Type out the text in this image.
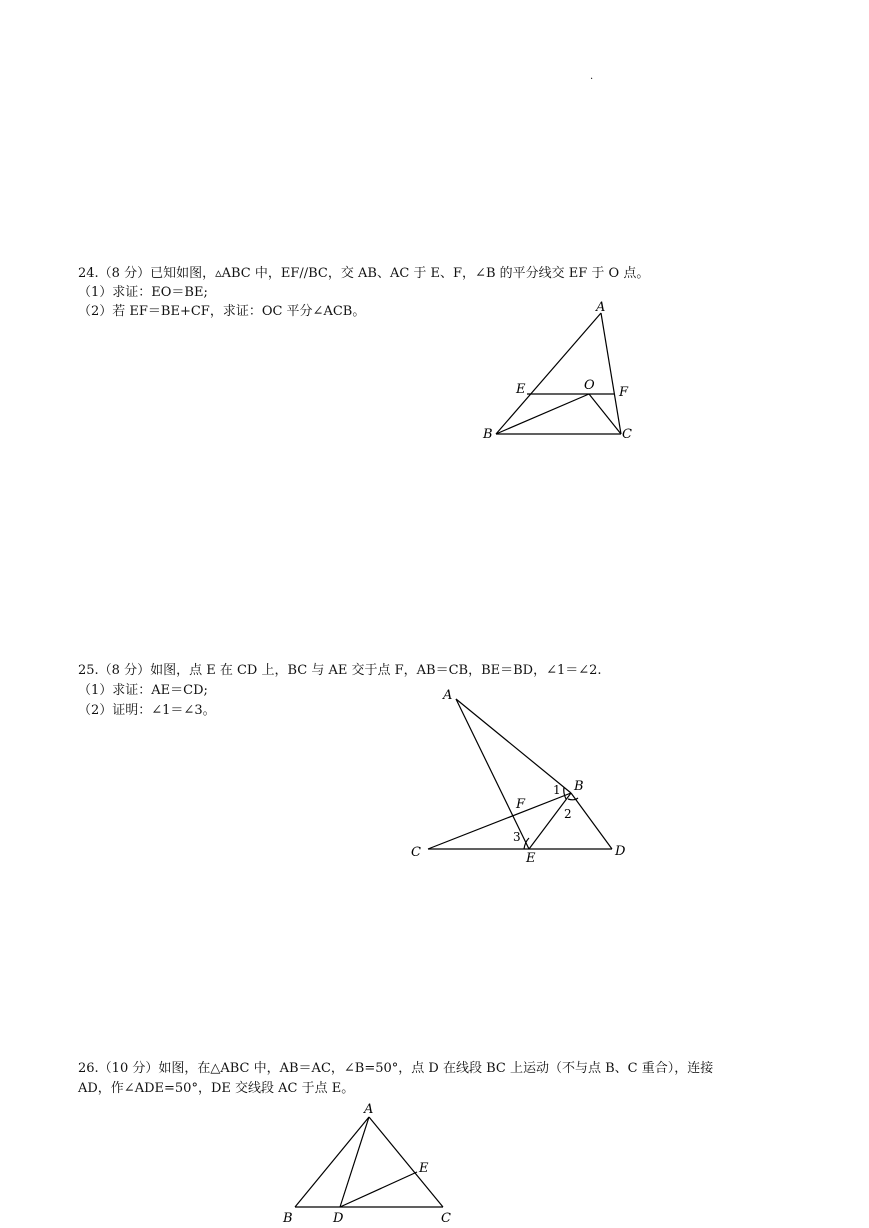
.
24.（8 分）已知如图，▵ABC 中，EF//BC，交 AB、AC 于 E、F，∠B 的平分线交 EF 于 O 点。
（1）求证：EO＝BE;
（2）若 EF＝BE+CF，求证：OC 平分∠ACB。	A
E	O F
B	C
25.（8 分）如图，点 E 在 CD 上，BC 与 AE 交于点 F，AB＝CB，BE＝BD，∠1＝∠2.
（1）求证：AE＝CD;
（2）证明：∠1＝∠3。
A
B
F
C	E	D
1
2
3
26.（10 分）如图，在△ABC 中，AB＝AC，∠B=50°，点 D 在线段 BC 上运动（不与点 B、C 重合），连接
AD，作∠ADE=50°，DE 交线段 AC 于点 E。
A
E
B	D	C
